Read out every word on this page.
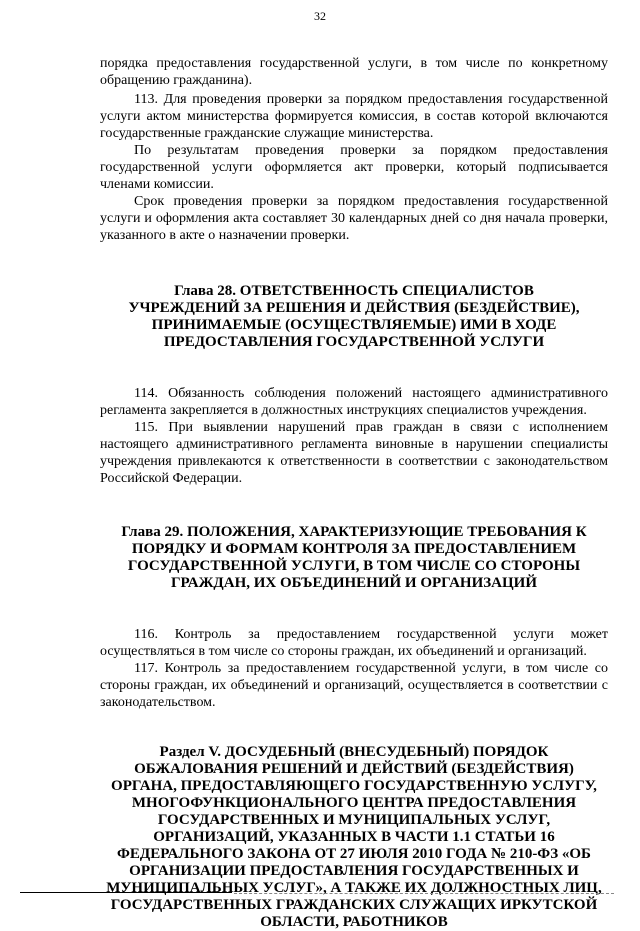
32

порядка предоставления государственной услуги, в том числе по конкретному обращению гражданина).

113. Для проведения проверки за порядком предоставления государственной услуги актом министерства формируется комиссия, в состав которой включаются государственные гражданские служащие министерства.

По результатам проведения проверки за порядком предоставления государственной услуги оформляется акт проверки, который подписывается членами комиссии.

Срок проведения проверки за порядком предоставления государственной услуги и оформления акта составляет 30 календарных дней со дня начала проверки, указанного в акте о назначении проверки.

Глава 28. ОТВЕТСТВЕННОСТЬ СПЕЦИАЛИСТОВ УЧРЕЖДЕНИЙ ЗА РЕШЕНИЯ И ДЕЙСТВИЯ (БЕЗДЕЙСТВИЕ), ПРИНИМАЕМЫЕ (ОСУЩЕСТВЛЯЕМЫЕ) ИМИ В ХОДЕ ПРЕДОСТАВЛЕНИЯ ГОСУДАРСТВЕННОЙ УСЛУГИ

114. Обязанность соблюдения положений настоящего административного регламента закрепляется в должностных инструкциях специалистов учреждения.

115. При выявлении нарушений прав граждан в связи с исполнением настоящего административного регламента виновные в нарушении специалисты учреждения привлекаются к ответственности в соответствии с законодательством Российской Федерации.

Глава 29. ПОЛОЖЕНИЯ, ХАРАКТЕРИЗУЮЩИЕ ТРЕБОВАНИЯ К ПОРЯДКУ И ФОРМАМ КОНТРОЛЯ ЗА ПРЕДОСТАВЛЕНИЕМ ГОСУДАРСТВЕННОЙ УСЛУГИ, В ТОМ ЧИСЛЕ СО СТОРОНЫ ГРАЖДАН, ИХ ОБЪЕДИНЕНИЙ И ОРГАНИЗАЦИЙ

116. Контроль за предоставлением государственной услуги может осуществляться в том числе со стороны граждан, их объединений и организаций.

117. Контроль за предоставлением государственной услуги, в том числе со стороны граждан, их объединений и организаций, осуществляется в соответствии с законодательством.

Раздел V. ДОСУДЕБНЫЙ (ВНЕСУДЕБНЫЙ) ПОРЯДОК ОБЖАЛОВАНИЯ РЕШЕНИЙ И ДЕЙСТВИЙ (БЕЗДЕЙСТВИЯ) ОРГАНА, ПРЕДОСТАВЛЯЮЩЕГО ГОСУДАРСТВЕННУЮ УСЛУГУ, МНОГОФУНКЦИОНАЛЬНОГО ЦЕНТРА ПРЕДОСТАВЛЕНИЯ ГОСУДАРСТВЕННЫХ И МУНИЦИПАЛЬНЫХ УСЛУГ, ОРГАНИЗАЦИЙ, УКАЗАННЫХ В ЧАСТИ 1.1 СТАТЬИ 16 ФЕДЕРАЛЬНОГО ЗАКОНА ОТ 27 ИЮЛЯ 2010 ГОДА № 210-ФЗ «ОБ ОРГАНИЗАЦИИ ПРЕДОСТАВЛЕНИЯ ГОСУДАРСТВЕННЫХ И МУНИЦИПАЛЬНЫХ УСЛУГ», А ТАКЖЕ ИХ ДОЛЖНОСТНЫХ ЛИЦ, ГОСУДАРСТВЕННЫХ ГРАЖДАНСКИХ СЛУЖАЩИХ ИРКУТСКОЙ ОБЛАСТИ, РАБОТНИКОВ
